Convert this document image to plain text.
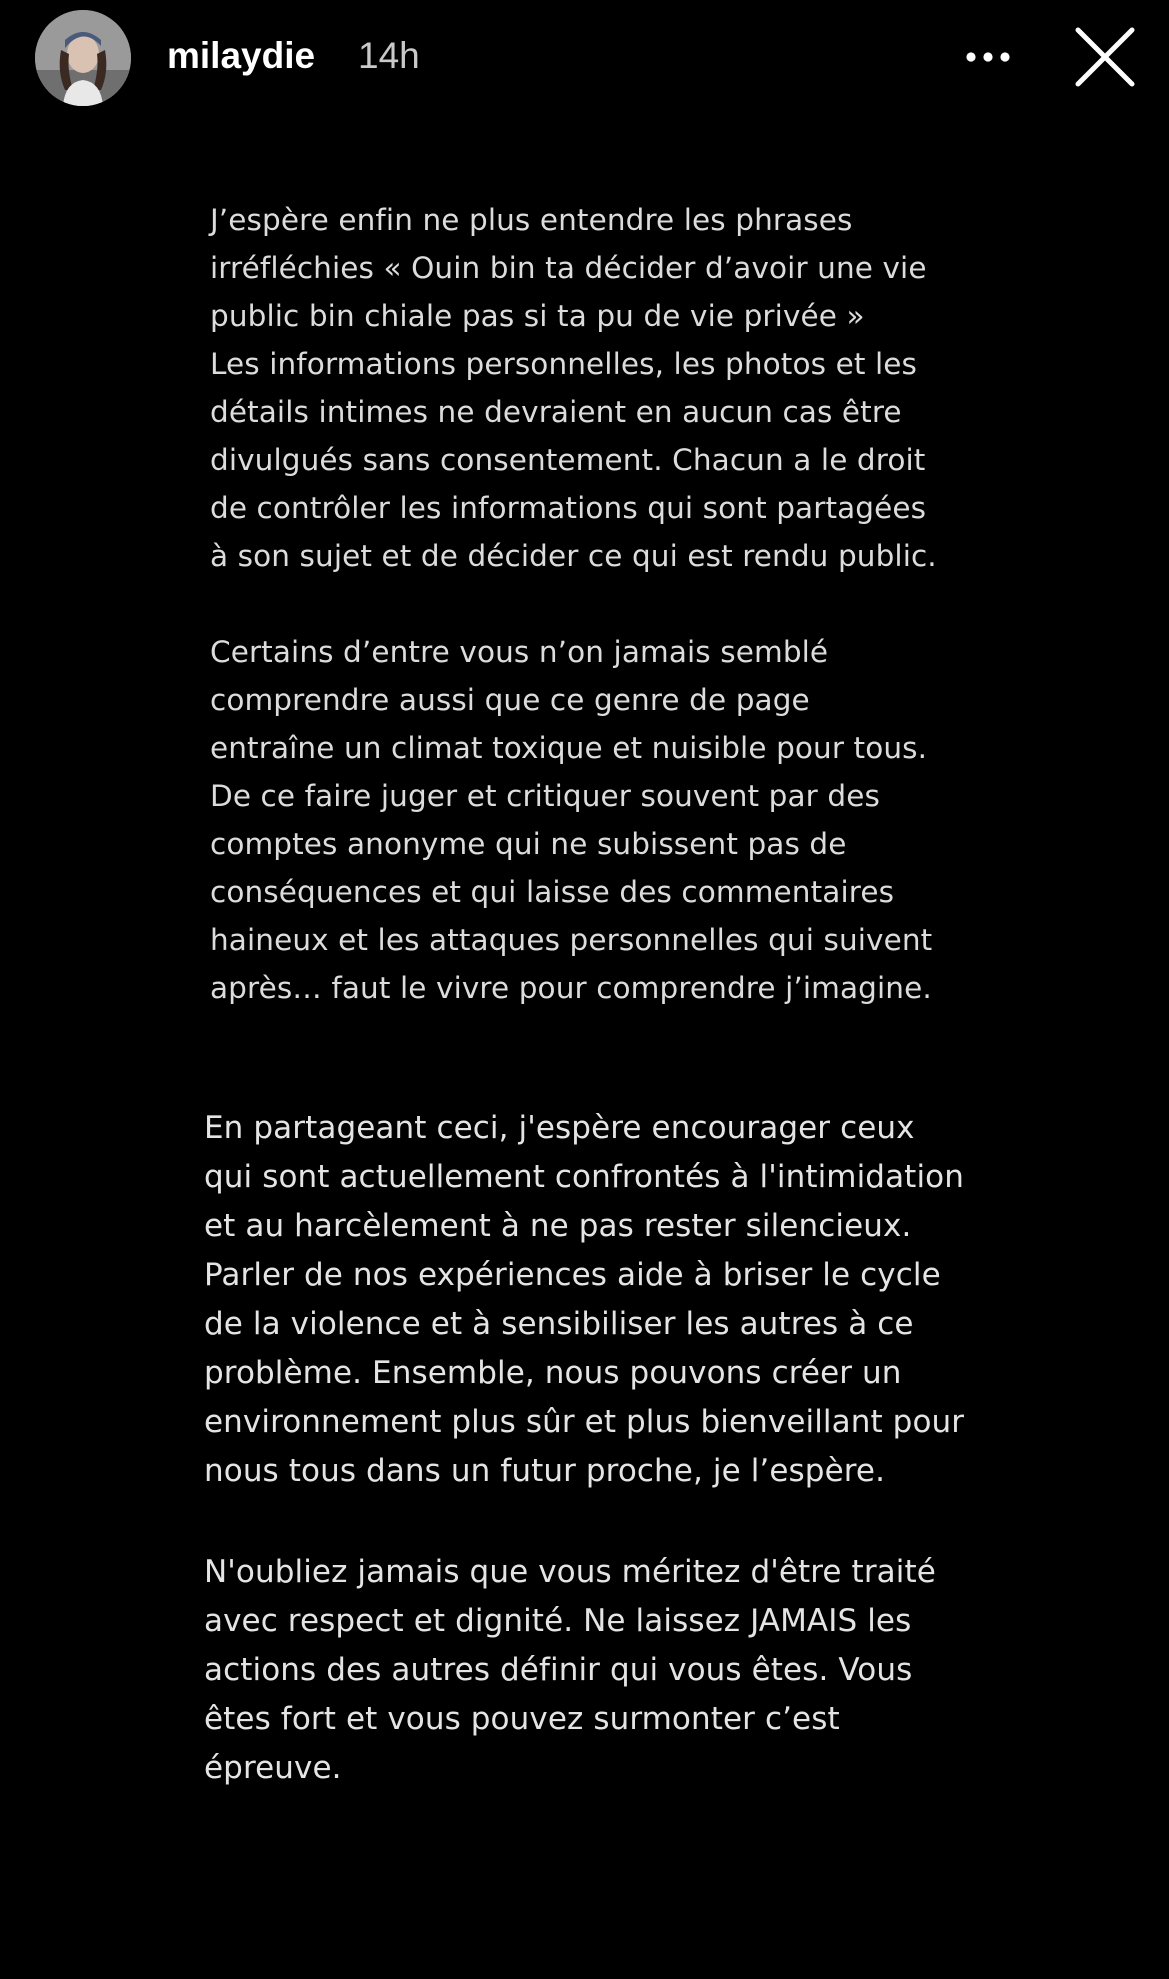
milaydie 14h
J’espère enfin ne plus entendre les phrases
irréfléchies « Ouin bin ta décider d’avoir une vie
public bin chiale pas si ta pu de vie privée »
Les informations personnelles, les photos et les
détails intimes ne devraient en aucun cas être
divulgués sans consentement. Chacun a le droit
de contrôler les informations qui sont partagées
à son sujet et de décider ce qui est rendu public.
Certains d’entre vous n’on jamais semblé
comprendre aussi que ce genre de page
entraîne un climat toxique et nuisible pour tous.
De ce faire juger et critiquer souvent par des
comptes anonyme qui ne subissent pas de
conséquences et qui laisse des commentaires
haineux et les attaques personnelles qui suivent
après… faut le vivre pour comprendre j’imagine.
En partageant ceci, j'espère encourager ceux
qui sont actuellement confrontés à l'intimidation
et au harcèlement à ne pas rester silencieux.
Parler de nos expériences aide à briser le cycle
de la violence et à sensibiliser les autres à ce
problème. Ensemble, nous pouvons créer un
environnement plus sûr et plus bienveillant pour
nous tous dans un futur proche, je l’espère.
N'oubliez jamais que vous méritez d'être traité
avec respect et dignité. Ne laissez JAMAIS les
actions des autres définir qui vous êtes. Vous
êtes fort et vous pouvez surmonter c’est
épreuve.
